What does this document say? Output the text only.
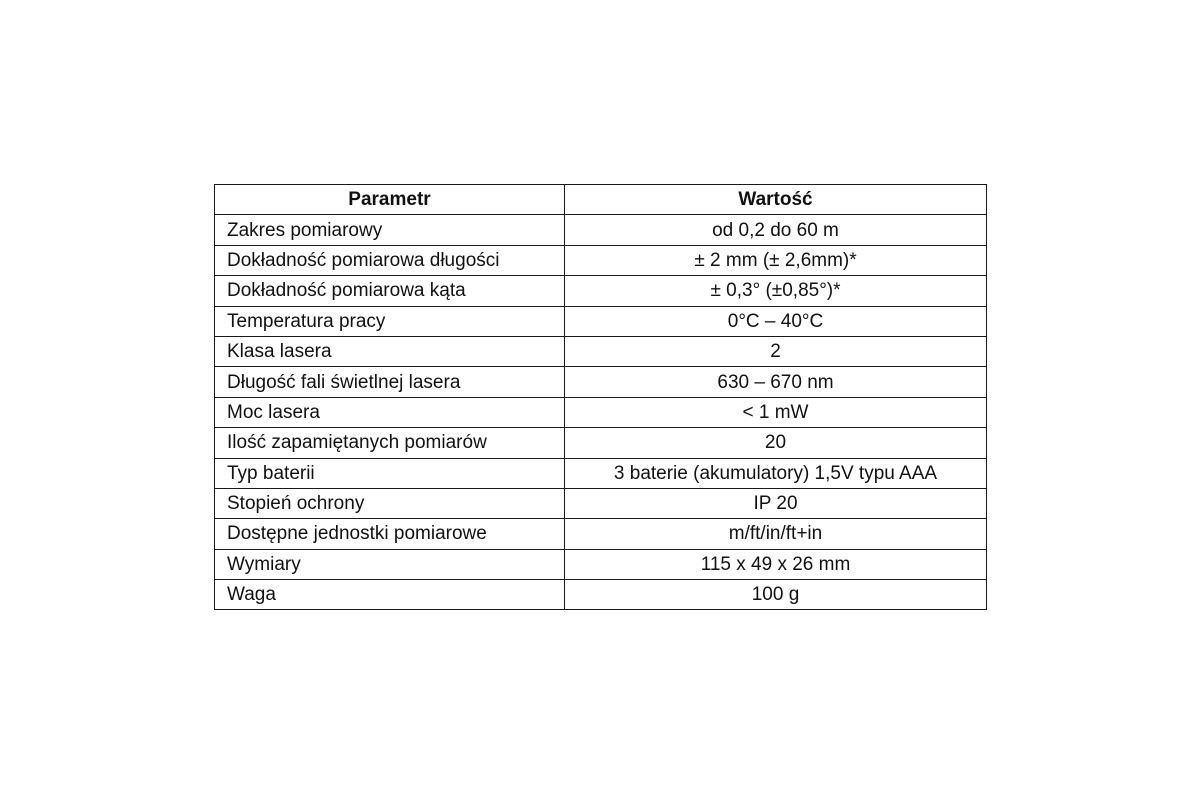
Parametr	Wartość
Zakres pomiarowy	od 0,2 do 60 m
Dokładność pomiarowa długości	± 2 mm (± 2,6mm)*
Dokładność pomiarowa kąta	± 0,3° (±0,85°)*
Temperatura pracy	0°C – 40°C
Klasa lasera	2
Długość fali świetlnej lasera	630 – 670 nm
Moc lasera	< 1 mW
Ilość zapamiętanych pomiarów	20
Typ baterii	3 baterie (akumulatory) 1,5V typu AAA
Stopień ochrony	IP 20
Dostępne jednostki pomiarowe	m/ft/in/ft+in
Wymiary	115 x 49 x 26 mm
Waga	100 g
